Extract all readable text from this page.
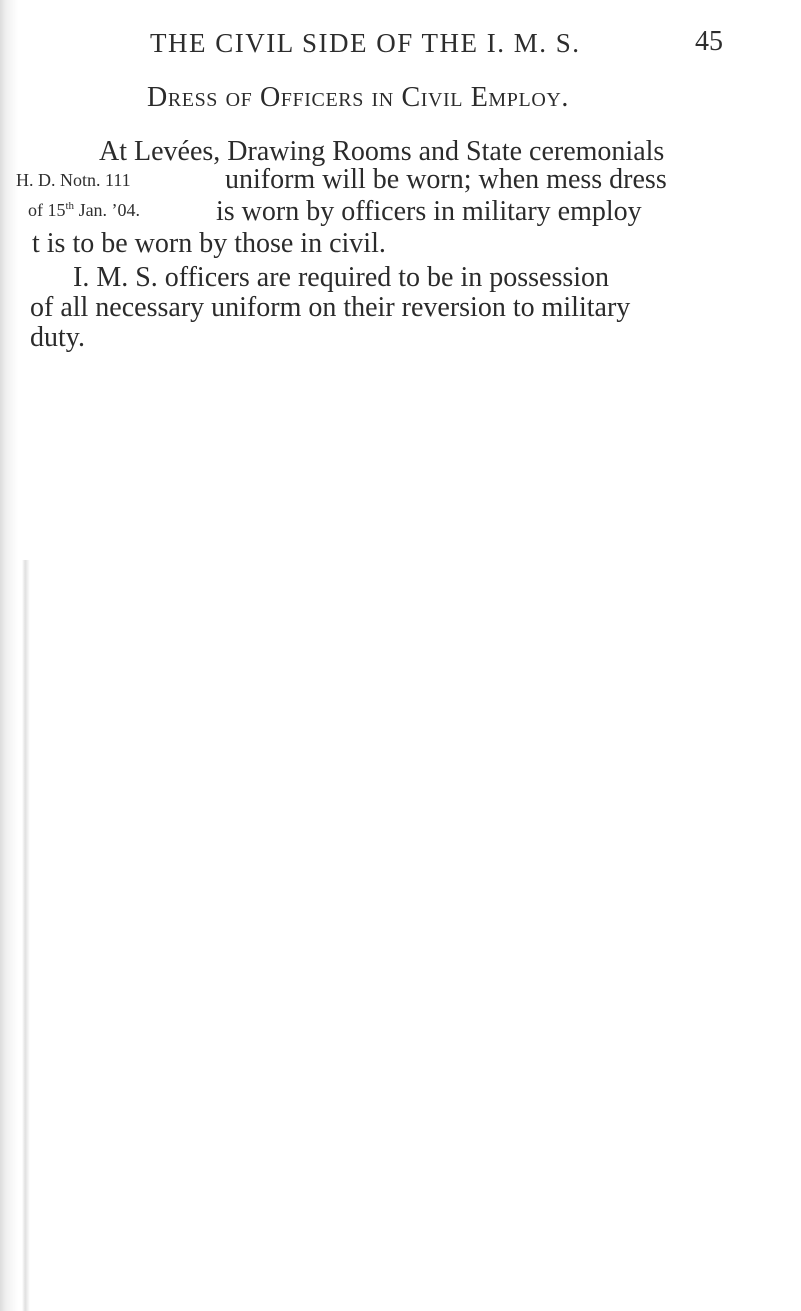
THE CIVIL SIDE OF THE I. M. S.	45
Dress of Officers in Civil Employ.
At Levées, Drawing Rooms and State ceremonials
H. D. Notn. 111	uniform will be worn; when mess dress
of 15th Jan. ’04.	is worn by officers in military employ
t is to be worn by those in civil.
I. M. S. officers are required to be in possession
of all necessary uniform on their reversion to military
duty.
